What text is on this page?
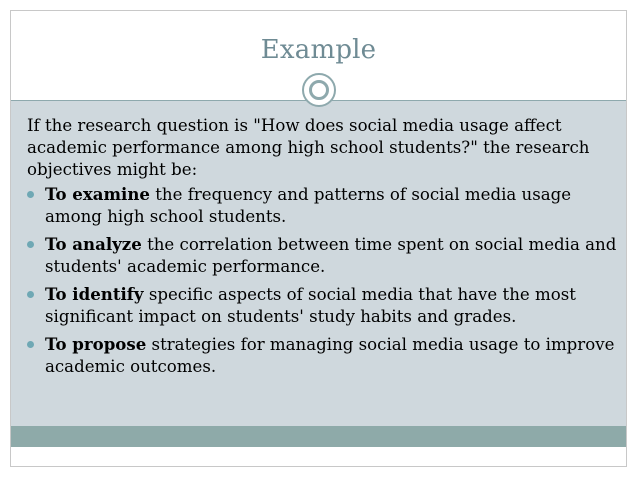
Example

If the research question is "How does social media usage affect academic performance among high school students?" the research objectives might be:

To examine the frequency and patterns of social media usage among high school students.
To analyze the correlation between time spent on social media and students' academic performance.
To identify specific aspects of social media that have the most significant impact on students' study habits and grades.
To propose strategies for managing social media usage to improve academic outcomes.
